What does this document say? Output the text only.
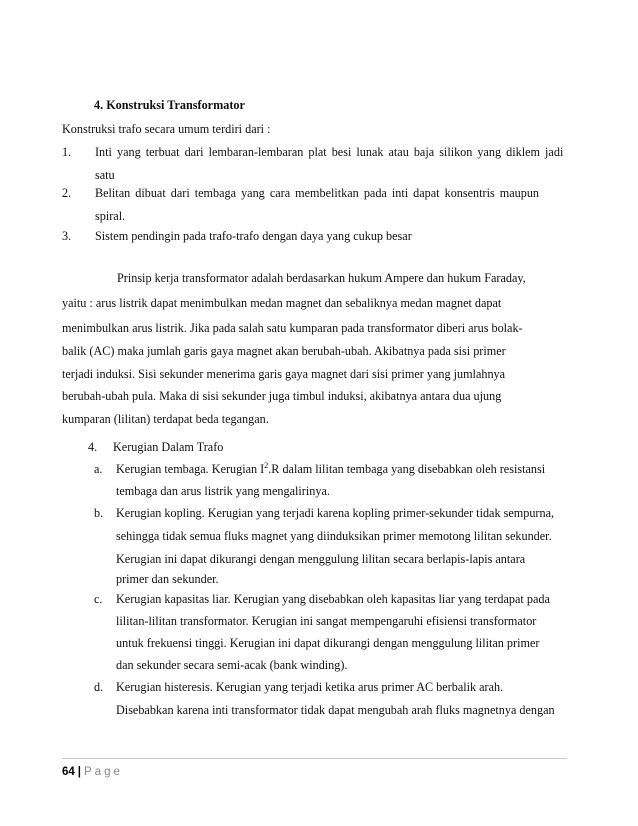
4. Konstruksi Transformator
Konstruksi trafo secara umum terdiri dari :
1. Inti yang terbuat dari lembaran-lembaran plat besi lunak atau baja silikon yang diklem jadi
satu
2. Belitan dibuat dari tembaga yang cara membelitkan pada inti dapat konsentris maupun
spiral.
3. Sistem pendingin pada trafo-trafo dengan daya yang cukup besar
Prinsip kerja transformator adalah berdasarkan hukum Ampere dan hukum Faraday,
yaitu : arus listrik dapat menimbulkan medan magnet dan sebaliknya medan magnet dapat
menimbulkan arus listrik. Jika pada salah satu kumparan pada transformator diberi arus bolak-
balik (AC) maka jumlah garis gaya magnet akan berubah-ubah. Akibatnya pada sisi primer
terjadi induksi. Sisi sekunder menerima garis gaya magnet dari sisi primer yang jumlahnya
berubah-ubah pula. Maka di sisi sekunder juga timbul induksi, akibatnya antara dua ujung
kumparan (lilitan) terdapat beda tegangan.
4. Kerugian Dalam Trafo
a. Kerugian tembaga. Kerugian $I^2.R$ dalam lilitan tembaga yang disebabkan oleh resistansi
tembaga dan arus listrik yang mengalirinya.
b. Kerugian kopling. Kerugian yang terjadi karena kopling primer-sekunder tidak sempurna,
sehingga tidak semua fluks magnet yang diinduksikan primer memotong lilitan sekunder.
Kerugian ini dapat dikurangi dengan menggulung lilitan secara berlapis-lapis antara
primer dan sekunder.
c. Kerugian kapasitas liar. Kerugian yang disebabkan oleh kapasitas liar yang terdapat pada
lilitan-lilitan transformator. Kerugian ini sangat mempengaruhi efisiensi transformator
untuk frekuensi tinggi. Kerugian ini dapat dikurangi dengan menggulung lilitan primer
dan sekunder secara semi-acak (bank winding).
d. Kerugian histeresis. Kerugian yang terjadi ketika arus primer AC berbalik arah.
Disebabkan karena inti transformator tidak dapat mengubah arah fluks magnetnya dengan
64 | Page
